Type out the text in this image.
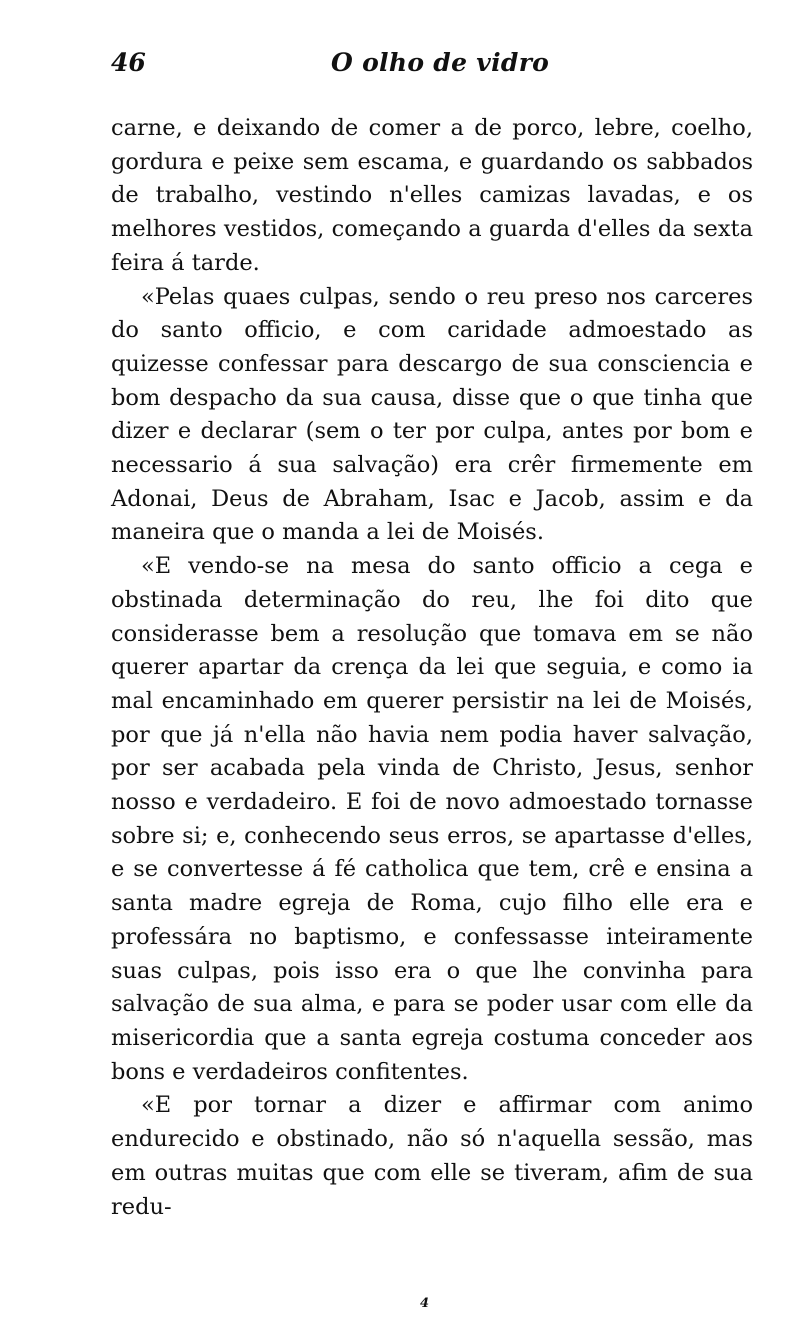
46	O olho de vidro

carne, e deixando de comer a de porco, lebre, coelho, gordura e peixe sem escama, e guardando os sabbados de trabalho, vestindo n'elles camizas lavadas, e os melhores vestidos, começando a guarda d'elles da sexta feira á tarde.

«Pelas quaes culpas, sendo o reu preso nos carceres do santo officio, e com caridade admoestado as quizesse confessar para descargo de sua consciencia e bom despacho da sua causa, disse que o que tinha que dizer e declarar (sem o ter por culpa, antes por bom e necessario á sua salvação) era crêr firmemente em Adonai, Deus de Abraham, Isac e Jacob, assim e da maneira que o manda a lei de Moisés.

«E vendo-se na mesa do santo officio a cega e obstinada determinação do reu, lhe foi dito que considerasse bem a resolução que tomava em se não querer apartar da crença da lei que seguia, e como ia mal encaminhado em querer persistir na lei de Moisés, por que já n'ella não havia nem podia haver salvação, por ser acabada pela vinda de Christo, Jesus, senhor nosso e verdadeiro. E foi de novo admoestado tornasse sobre si; e, conhecendo seus erros, se apartasse d'elles, e se convertesse á fé catholica que tem, crê e ensina a santa madre egreja de Roma, cujo filho elle era e professára no baptismo, e confessasse inteiramente suas culpas, pois isso era o que lhe convinha para salvação de sua alma, e para se poder usar com elle da misericordia que a santa egreja costuma conceder aos bons e verdadeiros confitentes.

«E por tornar a dizer e affirmar com animo endurecido e obstinado, não só n'aquella sessão, mas em outras muitas que com elle se tiveram, afim de sua redu-

4
